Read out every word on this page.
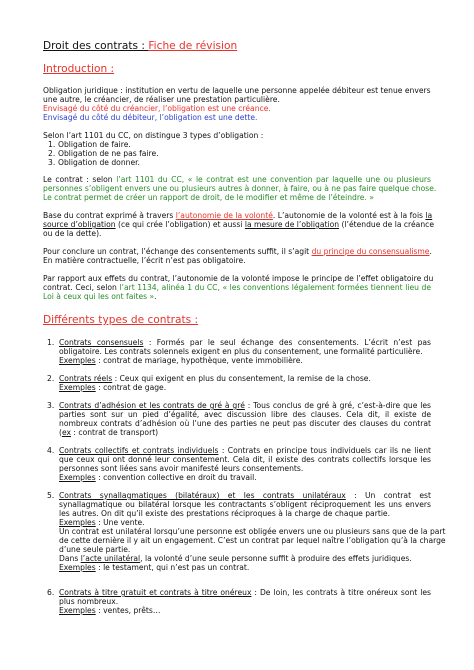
Droit des contrats : Fiche de révision
Introduction :
Obligation juridique : institution en vertu de laquelle une personne appelée débiteur est tenue envers
une autre, le créancier, de réaliser une prestation particulière.
Envisagé du côté du créancier, l’obligation est une créance.
Envisagé du côté du débiteur, l’obligation est une dette.
Selon l’art 1101 du CC, on distingue 3 types d’obligation :
1. Obligation de faire.
2. Obligation de ne pas faire.
3. Obligation de donner.
Le contrat : selon l’art 1101 du CC, « le contrat est une convention par laquelle une ou plusieurs
personnes s’obligent envers une ou plusieurs autres à donner, à faire, ou à ne pas faire quelque chose.
Le contrat permet de créer un rapport de droit, de le modifier et même de l’éteindre. »
Base du contrat exprimé à travers l’autonomie de la volonté. L’autonomie de la volonté est à la fois la
source d’obligation (ce qui crée l’obligation) et aussi la mesure de l’obligation (l’étendue de la créance
ou de la dette).
Pour conclure un contrat, l’échange des consentements suffit, il s’agit du principe du consensualisme.
En matière contractuelle, l’écrit n’est pas obligatoire.
Par rapport aux effets du contrat, l’autonomie de la volonté impose le principe de l’effet obligatoire du
contrat. Ceci, selon l’art 1134, alinéa 1 du CC, « les conventions légalement formées tiennent lieu de
Loi à ceux qui les ont faites ».
Différents types de contrats :
1. Contrats consensuels : Formés par le seul échange des consentements. L’écrit n’est pas
obligatoire. Les contrats solennels exigent en plus du consentement, une formalité particulière.
Exemples : contrat de mariage, hypothèque, vente immobilière.
2. Contrats réels : Ceux qui exigent en plus du consentement, la remise de la chose.
Exemples : contrat de gage.
3. Contrats d’adhésion et les contrats de gré à gré : Tous conclus de gré à gré, c’est-à-dire que les
parties sont sur un pied d’égalité, avec discussion libre des clauses. Cela dit, il existe de
nombreux contrats d’adhésion où l’une des parties ne peut pas discuter des clauses du contrat
(ex : contrat de transport)
4. Contrats collectifs et contrats individuels : Contrats en principe tous individuels car ils ne lient
que ceux qui ont donné leur consentement. Cela dit, il existe des contrats collectifs lorsque les
personnes sont liées sans avoir manifesté leurs consentements.
Exemples : convention collective en droit du travail.
5. Contrats synallagmatiques (bilatéraux) et les contrats unilatéraux : Un contrat est
synallagmatique ou bilatéral lorsque les contractants s’obligent réciproquement les uns envers
les autres. On dit qu’il existe des prestations réciproques à la charge de chaque partie.
Exemples : Une vente.
Un contrat est unilatéral lorsqu’une personne est obligée envers une ou plusieurs sans que de la part
de cette dernière il y ait un engagement. C’est un contrat par lequel naître l’obligation qu’à la charge
d’une seule partie.
Dans l’acte unilatéral, la volonté d’une seule personne suffit à produire des effets juridiques.
Exemples : le testament, qui n’est pas un contrat.
6. Contrats à titre gratuit et contrats à titre onéreux : De loin, les contrats à titre onéreux sont les
plus nombreux.
Exemples : ventes, prêts…
